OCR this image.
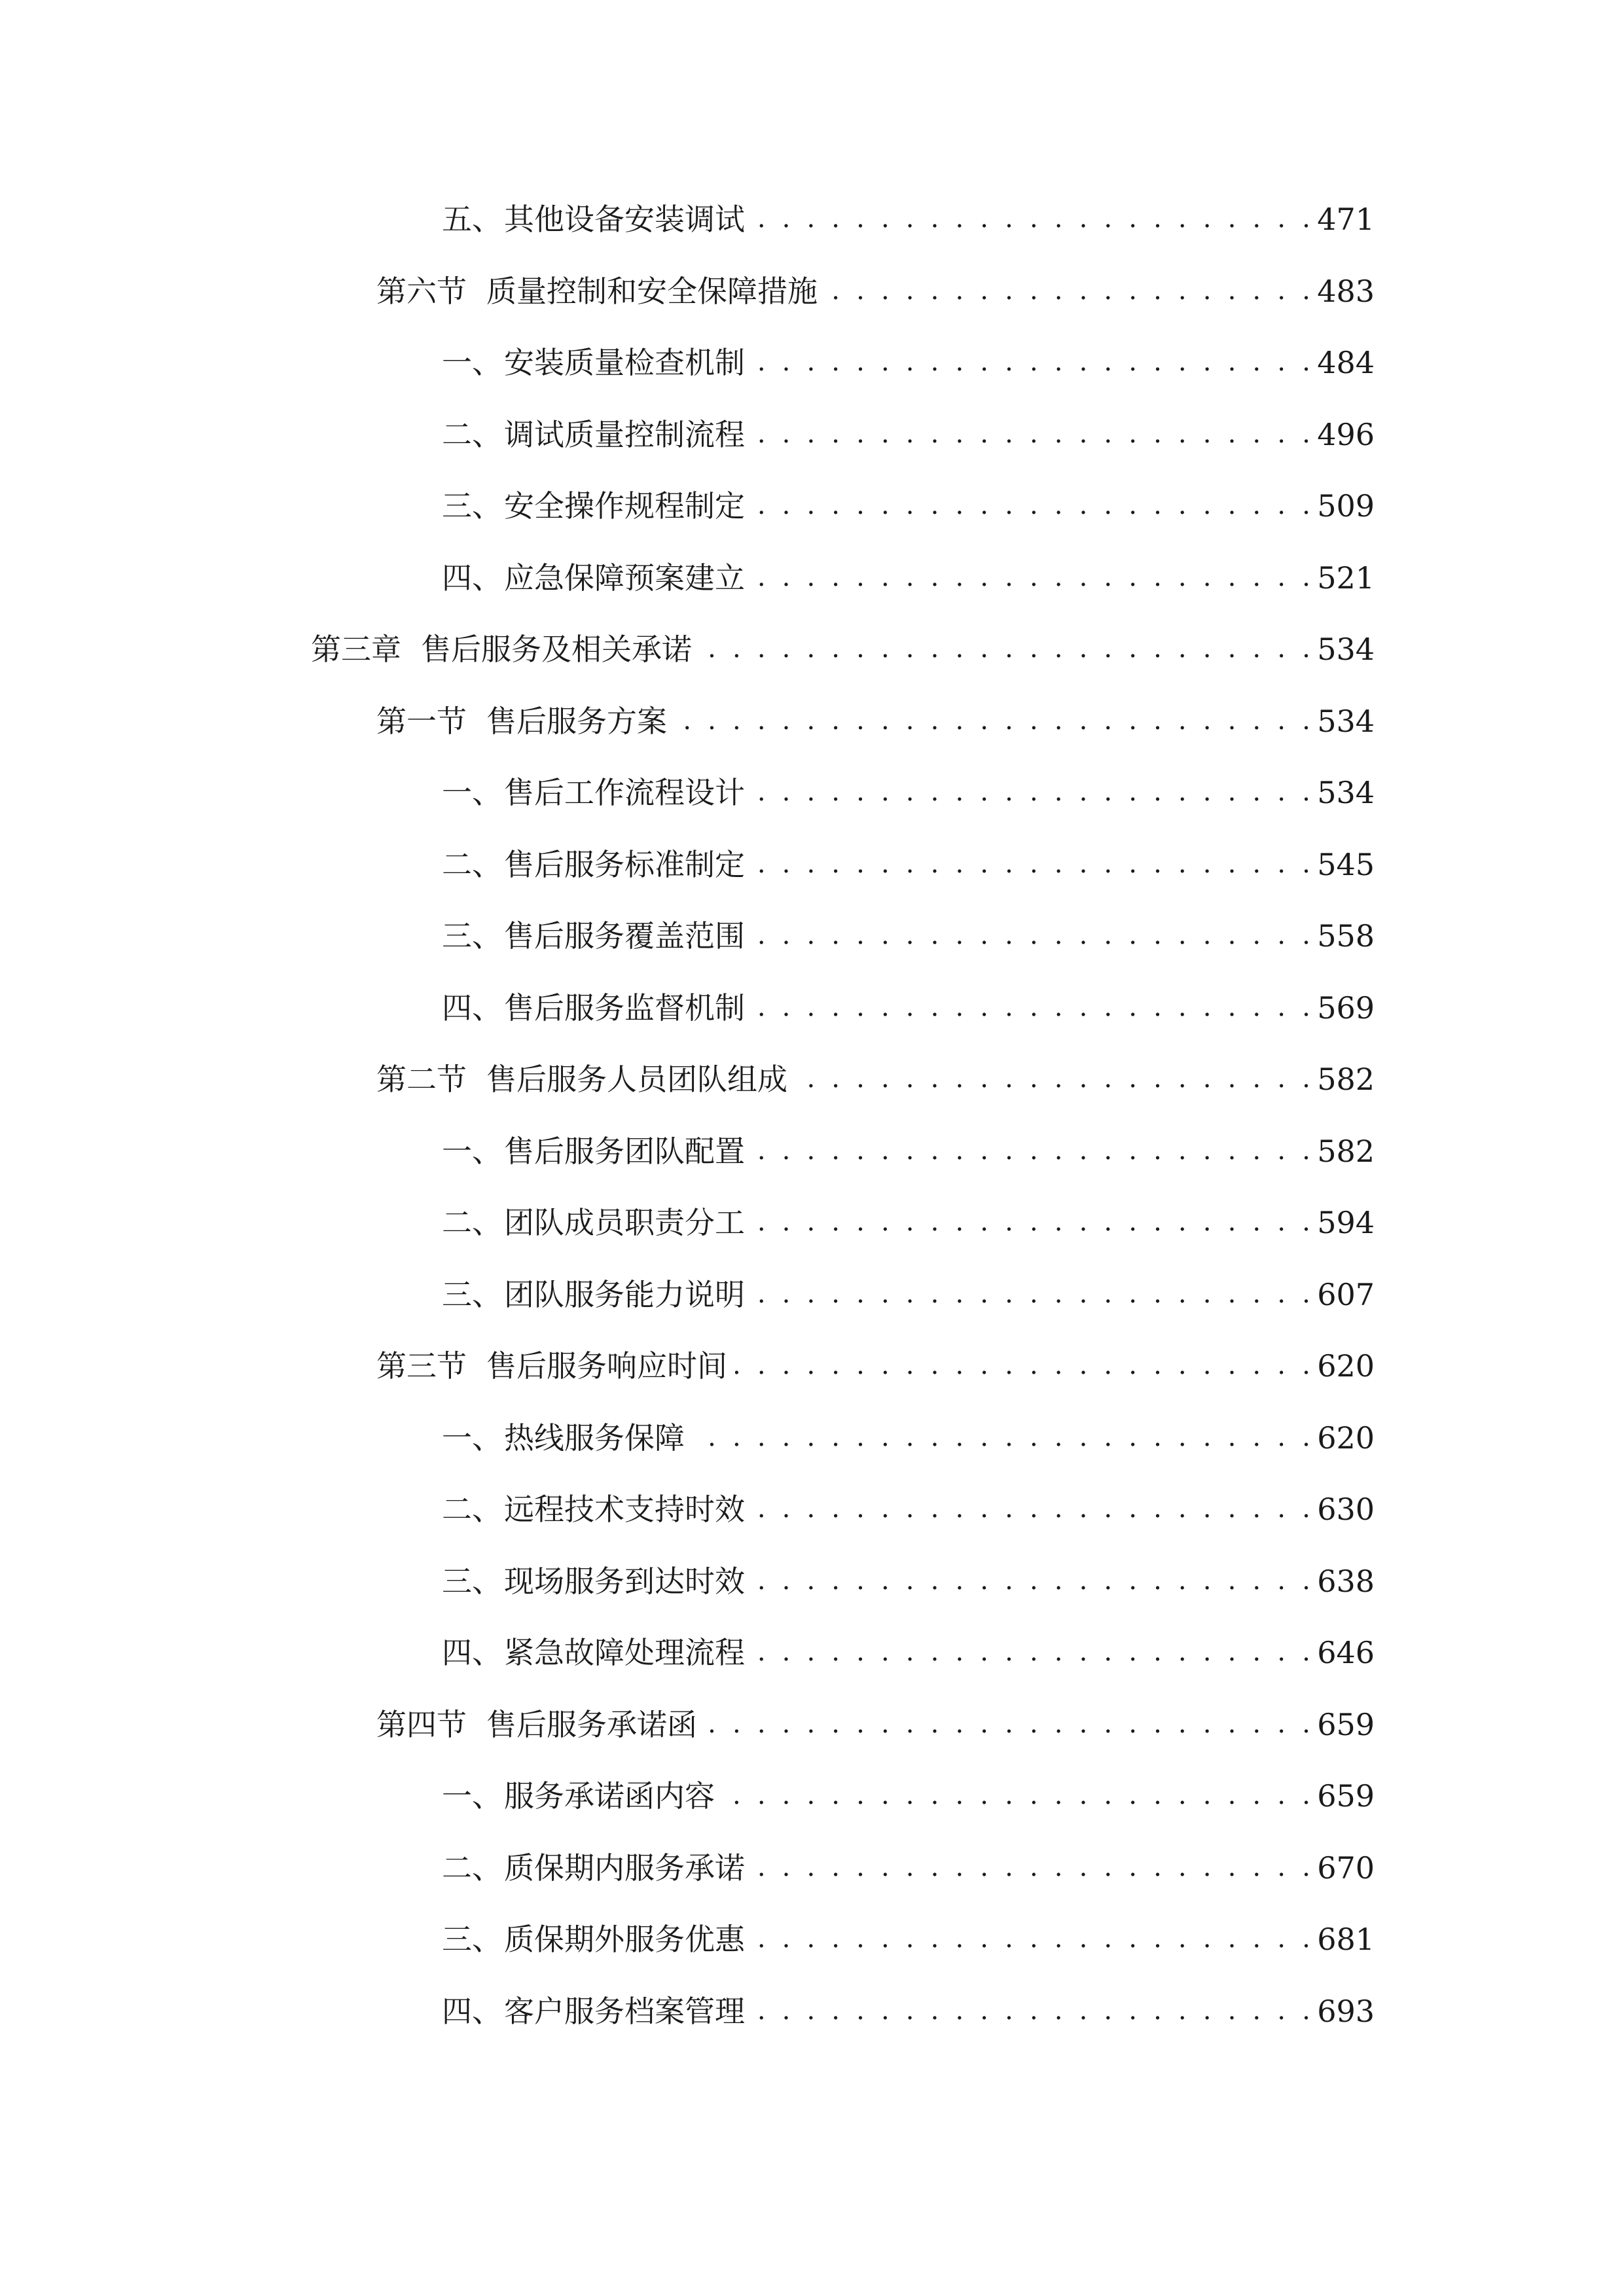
五、 其他设备安装调试 . . .	471
第六节 质量控制和安全保障措施 . . .	483
一、 安装质量检查机制 . . .	484
二、 调试质量控制流程 . . .	496
三、 安全操作规程制定 . . .	509
四、 应急保障预案建立 . . .	521
第三章 售后服务及相关承诺 . . .	534
第一节 售后服务方案 . . .	534
一、 售后工作流程设计 . . .	534
二、 售后服务标准制定 . . .	545
三、 售后服务覆盖范围 . . .	558
四、 售后服务监督机制 . . .	569
第二节 售后服务人员团队组成 . . .	582
一、 售后服务团队配置 . . .	582
二、 团队成员职责分工 . . .	594
三、 团队服务能力说明 . . .	607
第三节 售后服务响应时间 . . .	620
一、 热线服务保障 . . .	620
二、 远程技术支持时效 . . .	630
三、 现场服务到达时效 . . .	638
四、 紧急故障处理流程 . . .	646
第四节 售后服务承诺函 . . .	659
一、 服务承诺函内容 . . .	659
二、 质保期内服务承诺 . . .	670
三、 质保期外服务优惠 . . .	681
四、 客户服务档案管理 . . .	693
